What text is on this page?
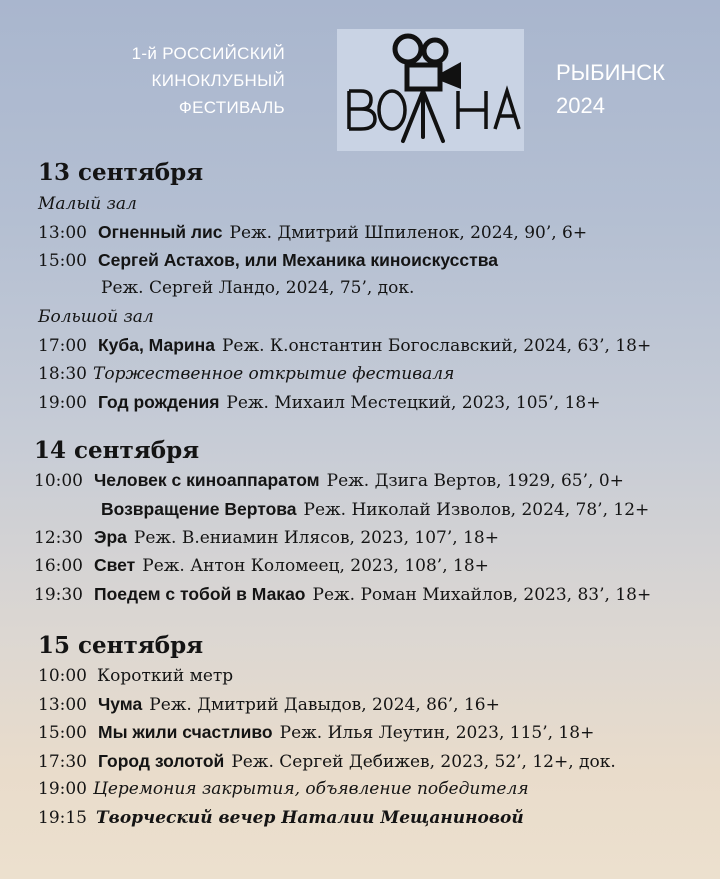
1-й РОССИЙСКИЙ
КИНОКЛУБНЫЙ
ФЕСТИВАЛЬ
РЫБИНСК
2024
13 сентября
Малый зал
13:00 Огненный лис Реж. Дмитрий Шпиленок, 2024, 90’, 6+
15:00 Сергей Астахов, или Механика киноискусства
Реж. Сергей Ландо, 2024, 75’, док.
Большой зал
17:00 Куба, Марина Реж. К.онстантин Богославский, 2024, 63’, 18+
18:30 Торжественное открытие фестиваля
19:00 Год рождения Реж. Михаил Местецкий, 2023, 105’, 18+
14 сентября
10:00 Человек с киноаппаратом Реж. Дзига Вертов, 1929, 65’, 0+
Возвращение Вертова Реж. Николай Изволов, 2024, 78’, 12+
12:30 Эра Реж. В.ениамин Илясов, 2023, 107’, 18+
16:00 Свет Реж. Антон Коломеец, 2023, 108’, 18+
19:30 Поедем с тобой в Макао Реж. Роман Михайлов, 2023, 83’, 18+
15 сентября
10:00 Короткий метр
13:00 Чума Реж. Дмитрий Давыдов, 2024, 86’, 16+
15:00 Мы жили счастливо Реж. Илья Леутин, 2023, 115’, 18+
17:30 Город золотой Реж. Сергей Дебижев, 2023, 52’, 12+, док.
19:00 Церемония закрытия, объявление победителя
19:15 Творческий вечер Наталии Мещаниновой
